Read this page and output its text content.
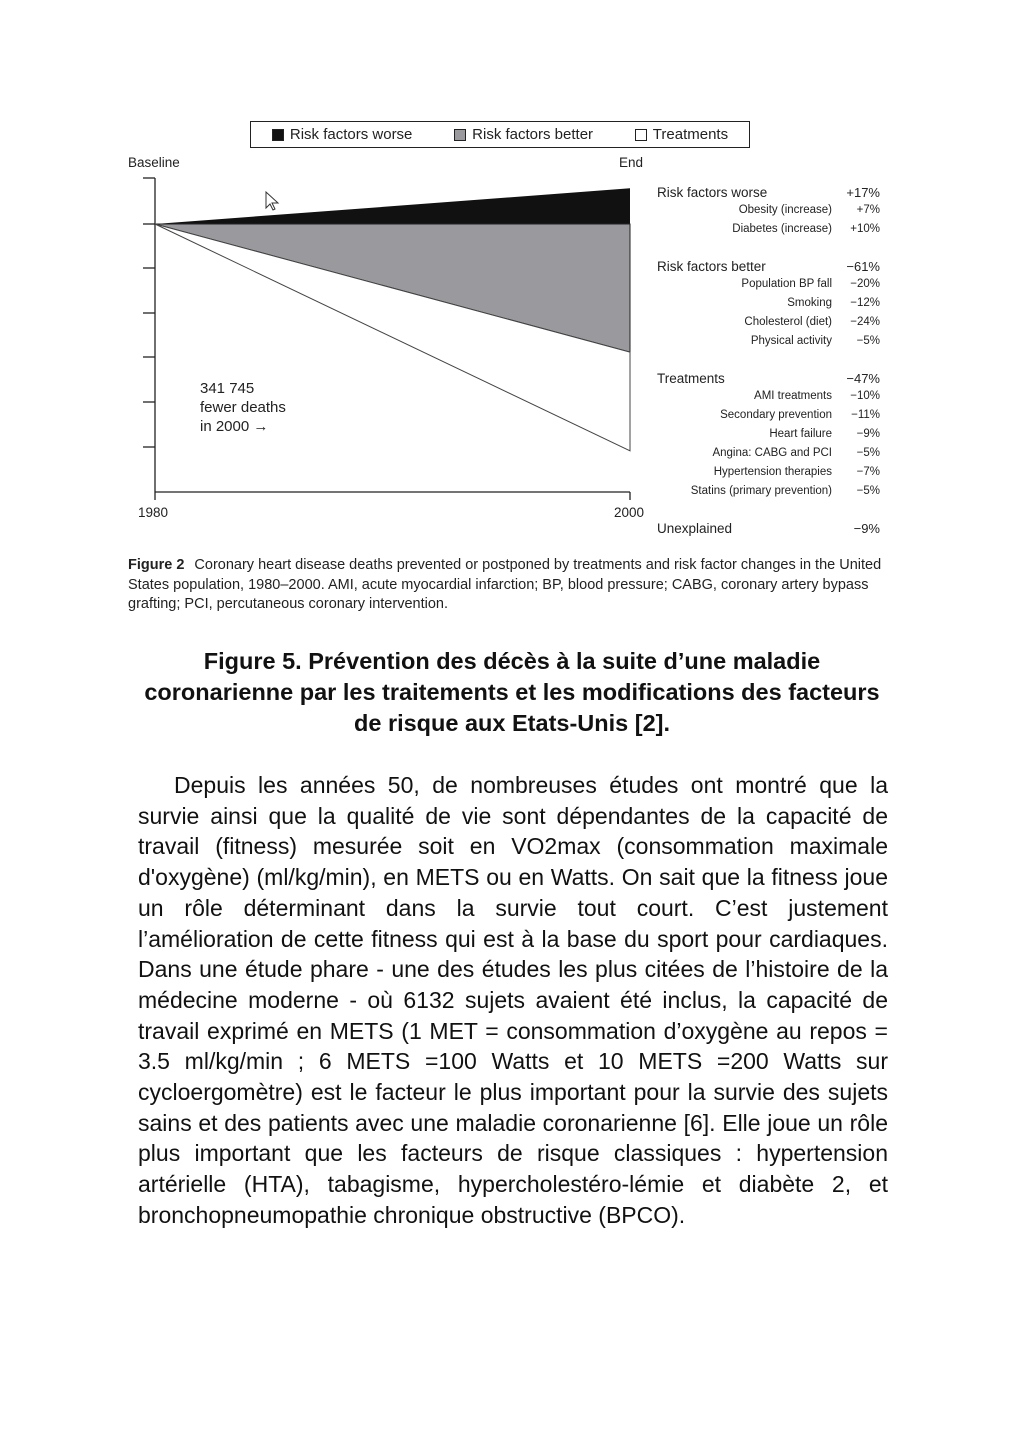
Risk factors worse	Risk factors better	Treatments
Baseline	End
1980	2000
341 745
fewer deaths
in 2000 →
Risk factors worse	+17%
Obesity (increase) +7%
Diabetes (increase) +10%
Risk factors better	−61%
Population BP fall −20%
Smoking −12%
Cholesterol (diet) −24%
Physical activity −5%
Treatments	−47%
AMI treatments −10%
Secondary prevention −11%
Heart failure −9%
Angina: CABG and PCI −5%
Hypertension therapies −7%
Statins (primary prevention) −5%
Unexplained	−9%
Figure 2 Coronary heart disease deaths prevented or postponed by treatments and risk factor changes in the United States population, 1980–2000. AMI, acute myocardial infarction; BP, blood pressure; CABG, coronary artery bypass grafting; PCI, percutaneous coronary intervention.
Figure 5. Prévention des décès à la suite d’une maladie coronarienne par les traitements et les modifications des facteurs de risque aux Etats-Unis [2].
Depuis les années 50, de nombreuses études ont montré que la survie ainsi que la qualité de vie sont dépendantes de la capacité de travail (fitness) mesurée soit en VO2max (consommation maximale d'oxygène) (ml/kg/min), en METS ou en Watts. On sait que la fitness joue un rôle déterminant dans la survie tout court. C’est justement l’amélioration de cette fitness qui est à la base du sport pour cardiaques. Dans une étude phare - une des études les plus citées de l’histoire de la médecine moderne - où 6132 sujets avaient été inclus, la capacité de travail exprimé en METS (1 MET = consommation d’oxygène au repos = 3.5 ml/kg/min ; 6 METS =100 Watts et 10 METS =200 Watts sur cycloergomètre) est le facteur le plus important pour la survie des sujets sains et des patients avec une maladie coronarienne [6]. Elle joue un rôle plus important que les facteurs de risque classiques : hypertension artérielle (HTA), tabagisme, hypercholestéro-lémie et diabète 2, et bronchopneumopathie chronique obstructive (BPCO).
